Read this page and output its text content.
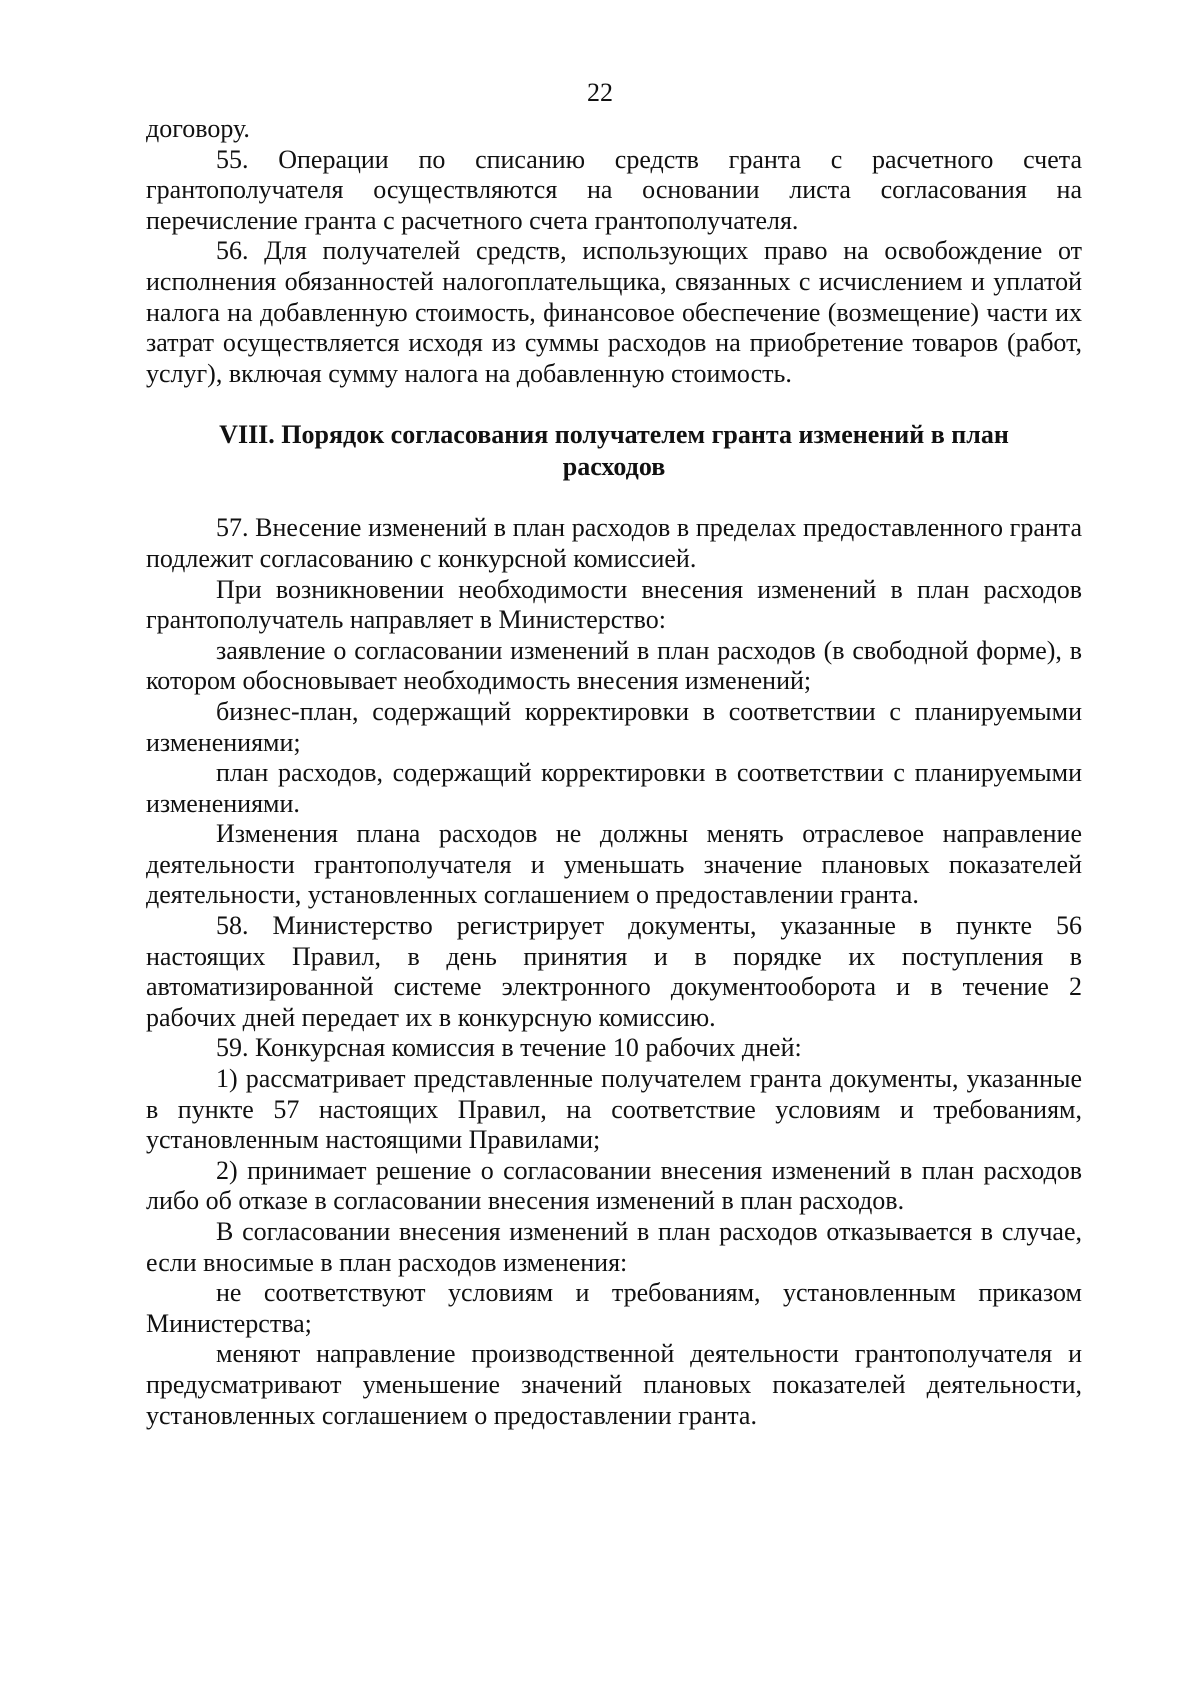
22

договору.

55. Операции по списанию средств гранта с расчетного счета грантополучателя осуществляются на основании листа согласования на перечисление гранта с расчетного счета грантополучателя.

56. Для получателей средств, использующих право на освобождение от исполнения обязанностей налогоплательщика, связанных с исчислением и уплатой налога на добавленную стоимость, финансовое обеспечение (возмещение) части их затрат осуществляется исходя из суммы расходов на приобретение товаров (работ, услуг), включая сумму налога на добавленную стоимость.

VIII. Порядок согласования получателем гранта изменений в план расходов

57. Внесение изменений в план расходов в пределах предоставленного гранта подлежит согласованию с конкурсной комиссией.

При возникновении необходимости внесения изменений в план расходов грантополучатель направляет в Министерство:

заявление о согласовании изменений в план расходов (в свободной форме), в котором обосновывает необходимость внесения изменений;

бизнес-план, содержащий корректировки в соответствии с планируемыми изменениями;

план расходов, содержащий корректировки в соответствии с планируемыми изменениями.

Изменения плана расходов не должны менять отраслевое направление деятельности грантополучателя и уменьшать значение плановых показателей деятельности, установленных соглашением о предоставлении гранта.

58. Министерство регистрирует документы, указанные в пункте 56 настоящих Правил, в день принятия и в порядке их поступления в автоматизированной системе электронного документооборота и в течение 2 рабочих дней передает их в конкурсную комиссию.

59. Конкурсная комиссия в течение 10 рабочих дней:

1) рассматривает представленные получателем гранта документы, указанные в пункте 57 настоящих Правил, на соответствие условиям и требованиям, установленным настоящими Правилами;

2) принимает решение о согласовании внесения изменений в план расходов либо об отказе в согласовании внесения изменений в план расходов.

В согласовании внесения изменений в план расходов отказывается в случае, если вносимые в план расходов изменения:

не соответствуют условиям и требованиям, установленным приказом Министерства;

меняют направление производственной деятельности грантополучателя и предусматривают уменьшение значений плановых показателей деятельности, установленных соглашением о предоставлении гранта.
